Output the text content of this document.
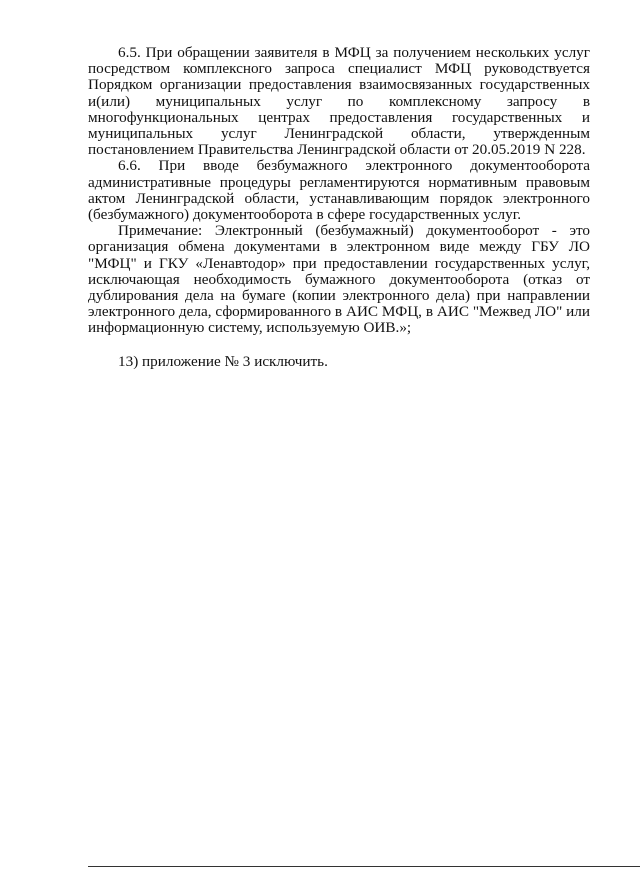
6.5. При обращении заявителя в МФЦ за получением нескольких услуг посредством комплексного запроса специалист МФЦ руководствуется Порядком организации предоставления взаимосвязанных государственных и(или) муниципальных услуг по комплексному запросу в многофункциональных центрах предоставления государственных и муниципальных услуг Ленинградской области, утвержденным постановлением Правительства Ленинградской области от 20.05.2019 N 228.

6.6. При вводе безбумажного электронного документооборота административные процедуры регламентируются нормативным правовым актом Ленинградской области, устанавливающим порядок электронного (безбумажного) документооборота в сфере государственных услуг.

Примечание: Электронный (безбумажный) документооборот - это организация обмена документами в электронном виде между ГБУ ЛО "МФЦ" и ГКУ «Ленавтодор» при предоставлении государственных услуг, исключающая необходимость бумажного документооборота (отказ от дублирования дела на бумаге (копии электронного дела) при направлении электронного дела, сформированного в АИС МФЦ, в АИС "Межвед ЛО" или информационную систему, используемую ОИВ.»;

13) приложение № 3 исключить.
